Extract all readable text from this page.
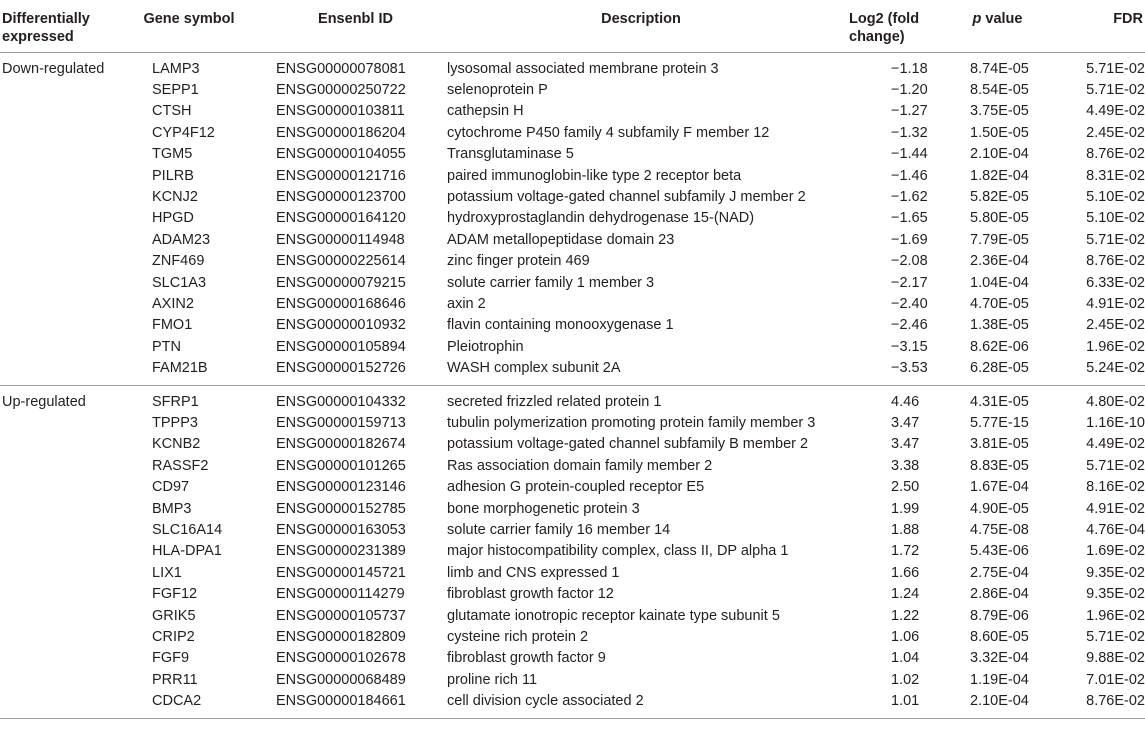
Differentially expressed	Gene symbol	Ensenbl ID	Description	Log2 (fold change)	p value	FDR
Down-regulated	LAMP3	ENSG00000078081	lysosomal associated membrane protein 3	−1.18	8.74E-05	5.71E-02
	SEPP1	ENSG00000250722	selenoprotein P	−1.20	8.54E-05	5.71E-02
	CTSH	ENSG00000103811	cathepsin H	−1.27	3.75E-05	4.49E-02
	CYP4F12	ENSG00000186204	cytochrome P450 family 4 subfamily F member 12	−1.32	1.50E-05	2.45E-02
	TGM5	ENSG00000104055	Transglutaminase 5	−1.44	2.10E-04	8.76E-02
	PILRB	ENSG00000121716	paired immunoglobin-like type 2 receptor beta	−1.46	1.82E-04	8.31E-02
	KCNJ2	ENSG00000123700	potassium voltage-gated channel subfamily J member 2	−1.62	5.82E-05	5.10E-02
	HPGD	ENSG00000164120	hydroxyprostaglandin dehydrogenase 15-(NAD)	−1.65	5.80E-05	5.10E-02
	ADAM23	ENSG00000114948	ADAM metallopeptidase domain 23	−1.69	7.79E-05	5.71E-02
	ZNF469	ENSG00000225614	zinc finger protein 469	−2.08	2.36E-04	8.76E-02
	SLC1A3	ENSG00000079215	solute carrier family 1 member 3	−2.17	1.04E-04	6.33E-02
	AXIN2	ENSG00000168646	axin 2	−2.40	4.70E-05	4.91E-02
	FMO1	ENSG00000010932	flavin containing monooxygenase 1	−2.46	1.38E-05	2.45E-02
	PTN	ENSG00000105894	Pleiotrophin	−3.15	8.62E-06	1.96E-02
	FAM21B	ENSG00000152726	WASH complex subunit 2A	−3.53	6.28E-05	5.24E-02
Up-regulated	SFRP1	ENSG00000104332	secreted frizzled related protein 1	4.46	4.31E-05	4.80E-02
	TPPP3	ENSG00000159713	tubulin polymerization promoting protein family member 3	3.47	5.77E-15	1.16E-10
	KCNB2	ENSG00000182674	potassium voltage-gated channel subfamily B member 2	3.47	3.81E-05	4.49E-02
	RASSF2	ENSG00000101265	Ras association domain family member 2	3.38	8.83E-05	5.71E-02
	CD97	ENSG00000123146	adhesion G protein-coupled receptor E5	2.50	1.67E-04	8.16E-02
	BMP3	ENSG00000152785	bone morphogenetic protein 3	1.99	4.90E-05	4.91E-02
	SLC16A14	ENSG00000163053	solute carrier family 16 member 14	1.88	4.75E-08	4.76E-04
	HLA-DPA1	ENSG00000231389	major histocompatibility complex, class II, DP alpha 1	1.72	5.43E-06	1.69E-02
	LIX1	ENSG00000145721	limb and CNS expressed 1	1.66	2.75E-04	9.35E-02
	FGF12	ENSG00000114279	fibroblast growth factor 12	1.24	2.86E-04	9.35E-02
	GRIK5	ENSG00000105737	glutamate ionotropic receptor kainate type subunit 5	1.22	8.79E-06	1.96E-02
	CRIP2	ENSG00000182809	cysteine rich protein 2	1.06	8.60E-05	5.71E-02
	FGF9	ENSG00000102678	fibroblast growth factor 9	1.04	3.32E-04	9.88E-02
	PRR11	ENSG00000068489	proline rich 11	1.02	1.19E-04	7.01E-02
	CDCA2	ENSG00000184661	cell division cycle associated 2	1.01	2.10E-04	8.76E-02
